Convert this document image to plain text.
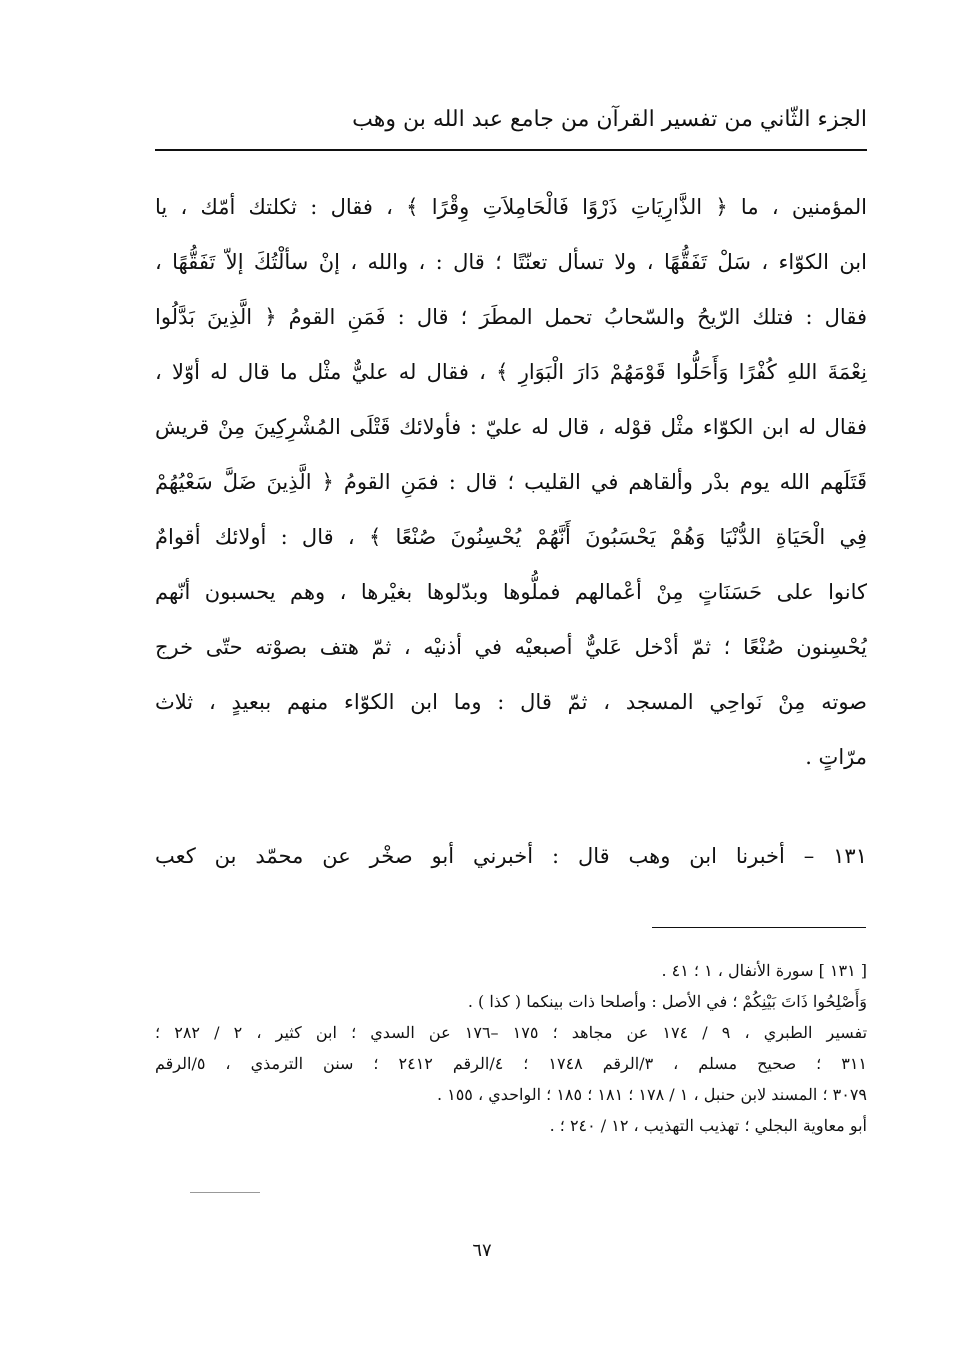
الجزء الثّاني من تفسير القرآن من جامع عبد الله بن وهب
المؤمنين ، ما ﴿ الذَّارِيَاتِ ذَرْوًا فَالْحَامِلاَتِ وِقْرًا ﴾ ، فقال : ثكلتك أمّك ، يا
ابن الكوّاء ، سَلْ تَفَقُّهًا ، ولا تسأل تعنّتًا ؛ قال : ، والله ، إنْ سألْتُكَ إلاّ تَفَقُّهًا ،
فقال : فتلك الرّيحُ والسّحابُ تحمل المطَرَ ؛ قال : فَمَنِ القومُ ﴿ الَّذِينَ بَدَّلُوا
نِعْمَةَ اللهِ كُفْرًا وَأَحَلُّوا قَوْمَهُمْ دَارَ الْبَوَارِ ﴾ ، فقال له عليٌّ مثْل ما قال له أوّلا ،
فقال له ابن الكوّاء مثْل قوْله ، قال له عليّ : فأولائك قَتْلَى المُشْرِكِينَ مِنْ قريش
قَتَلَهم الله يوم بدْر وألقاهم في القليب ؛ قال : فمَنِ القومُ ﴿ الَّذِينَ ضَلَّ سَعْيُهُمْ
فِي الْحَيَاةِ الدُّنْيَا وَهُمْ يَحْسَبُونَ أَنَّهُمْ يُحْسِنُونَ صُنْعًا ﴾ ، قال : أولائك أقوامٌ
كانوا على حَسَنَاتٍ مِنْ أعْمالهم فملُّوها وبدّلوها بغيْرها ، وهم يحسبون أنّهم
يُحْسِنون صُنْعًا ؛ ثمّ أدْخل عَليٌّ أصبعيْه في أذنيْه ، ثمّ هتف بصوْته حتّى خرج
صوته مِنْ نَواحِي المسجد ، ثمّ قال : وما ابن الكوّاء منهم ببعيدٍ ، ثلاث
مرّاتٍ .
١٣١ – أخبرنا ابن وهب قال : أخبرني أبو صخْر عن محمّد بن كعب
[ ١٣١ ] سورة الأنفال ، ١ ؛ ٤١ .
وَأَصْلِحُوا ذَاتَ بَيْنِكُمْ ؛ في الأصل : وأصلحا ذات بينكما ( كذا ) .
تفسير الطبري ، ٩ / ١٧٤ عن مجاهد ؛ ١٧٥ –١٧٦ عن السدي ؛ ابن كثير ، ٢ / ٢٨٢ ؛
٣١١ ؛ صحيح مسلم ، ٣/الرقم ١٧٤٨ ؛ ٤/الرقم ٢٤١٢ ؛ سنن الترمذي ، ٥/الرقم
٣٠٧٩ ؛ المسند لابن حنبل ، ١ / ١٧٨ ؛ ١٨١ ؛ ١٨٥ ؛ الواحدي ، ١٥٥ .
أبو معاوية البجلي ؛ تهذيب التهذيب ، ١٢ / ٢٤٠ ؛ .
٦٧
